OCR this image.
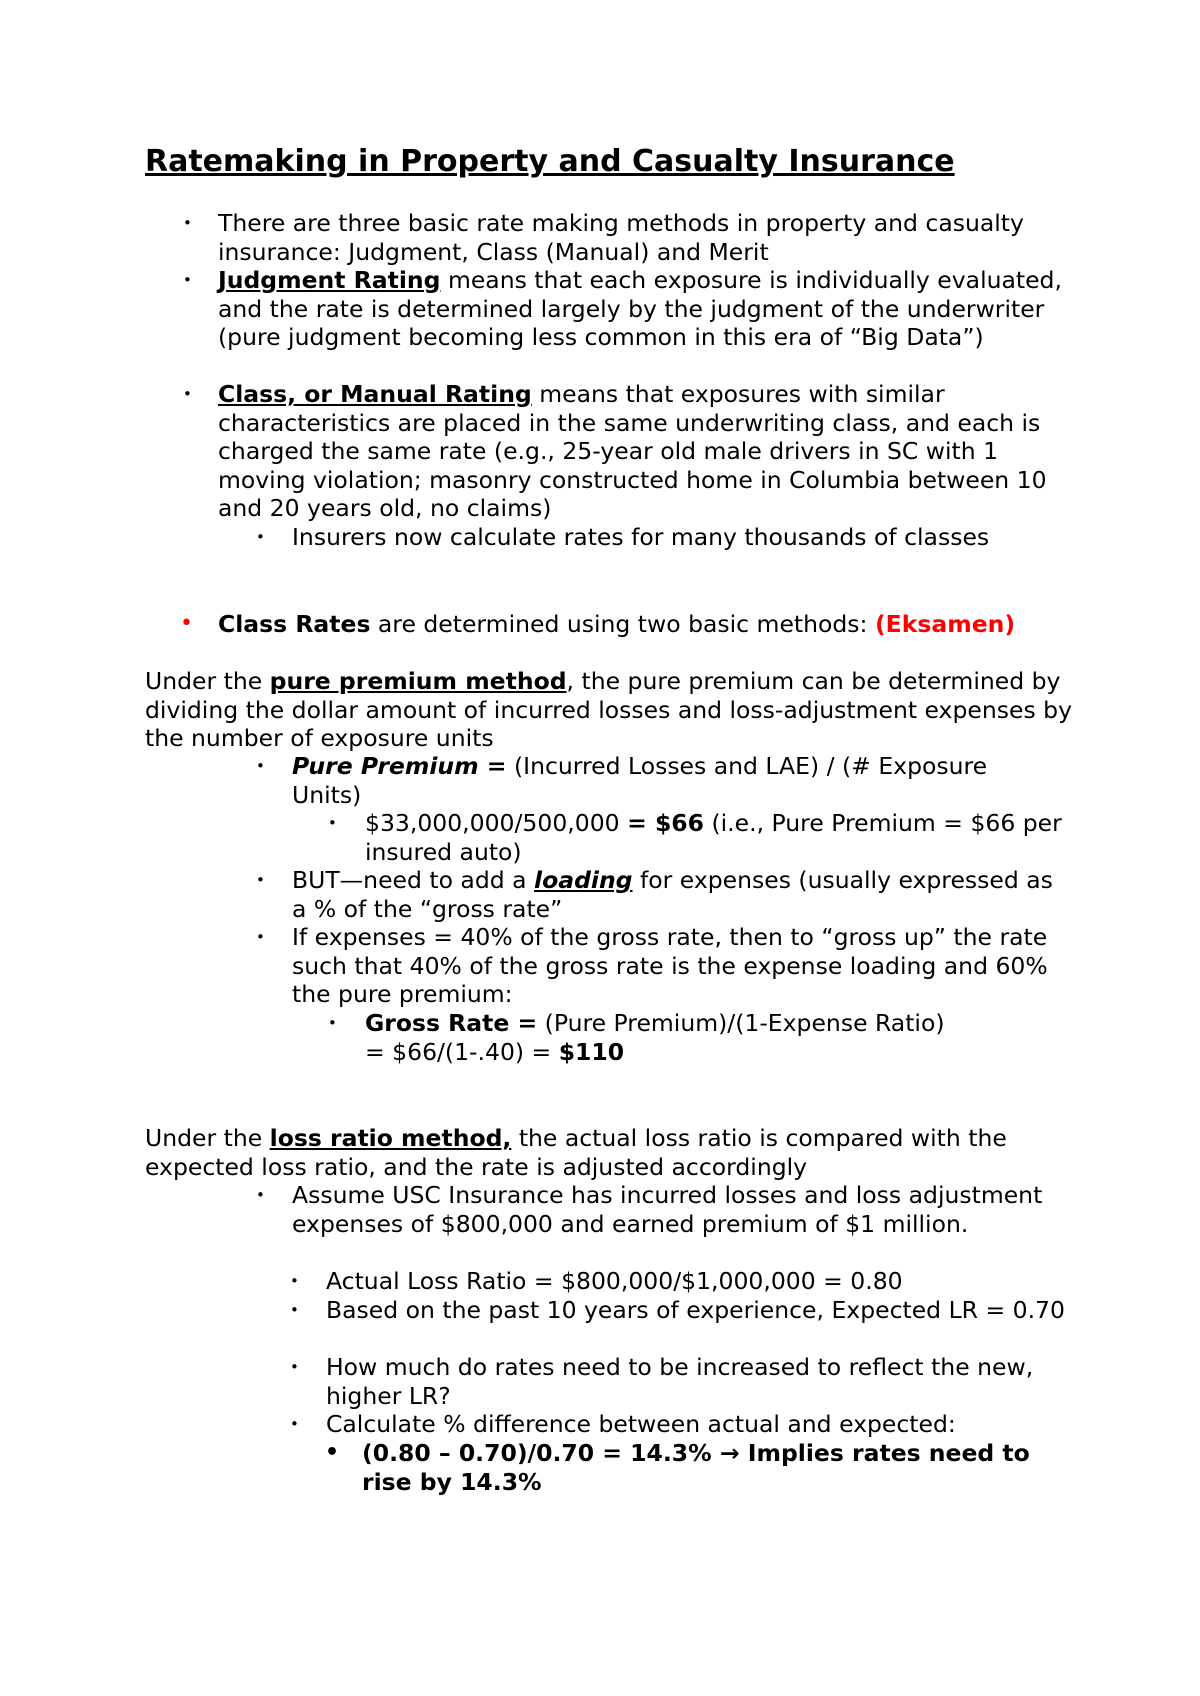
Ratemaking in Property and Casualty Insurance
• There are three basic rate making methods in property and casualty insurance: Judgment, Class (Manual) and Merit

• Judgment Rating means that each exposure is individually evaluated, and the rate is determined largely by the judgment of the underwriter (pure judgment becoming less common in this era of “Big Data”)

• Class, or Manual Rating means that exposures with similar characteristics are placed in the same underwriting class, and each is charged the same rate (e.g., 25-year old male drivers in SC with 1 moving violation; masonry constructed home in Columbia between 10 and 20 years old, no claims)

• Insurers now calculate rates for many thousands of classes

• Class Rates are determined using two basic methods: (Eksamen)

Under the pure premium method, the pure premium can be determined by dividing the dollar amount of incurred losses and loss-adjustment expenses by the number of exposure units

• Pure Premium = (Incurred Losses and LAE) / (# Exposure Units)

• $33,000,000/500,000 = $66 (i.e., Pure Premium = $66 per insured auto)

• BUT—need to add a loading for expenses (usually expressed as a % of the “gross rate”

• If expenses = 40% of the gross rate, then to “gross up” the rate such that 40% of the gross rate is the expense loading and 60% the pure premium:

• Gross Rate = (Pure Premium)/(1-Expense Ratio)
= $66/(1-.40) = $110

Under the loss ratio method, the actual loss ratio is compared with the expected loss ratio, and the rate is adjusted accordingly

• Assume USC Insurance has incurred losses and loss adjustment expenses of $800,000 and earned premium of $1 million.

• Actual Loss Ratio = $800,000/$1,000,000 = 0.80

• Based on the past 10 years of experience, Expected LR = 0.70

• How much do rates need to be increased to reflect the new, higher LR?

• Calculate % difference between actual and expected:

• (0.80 – 0.70)/0.70 = 14.3% → Implies rates need to rise by 14.3%
